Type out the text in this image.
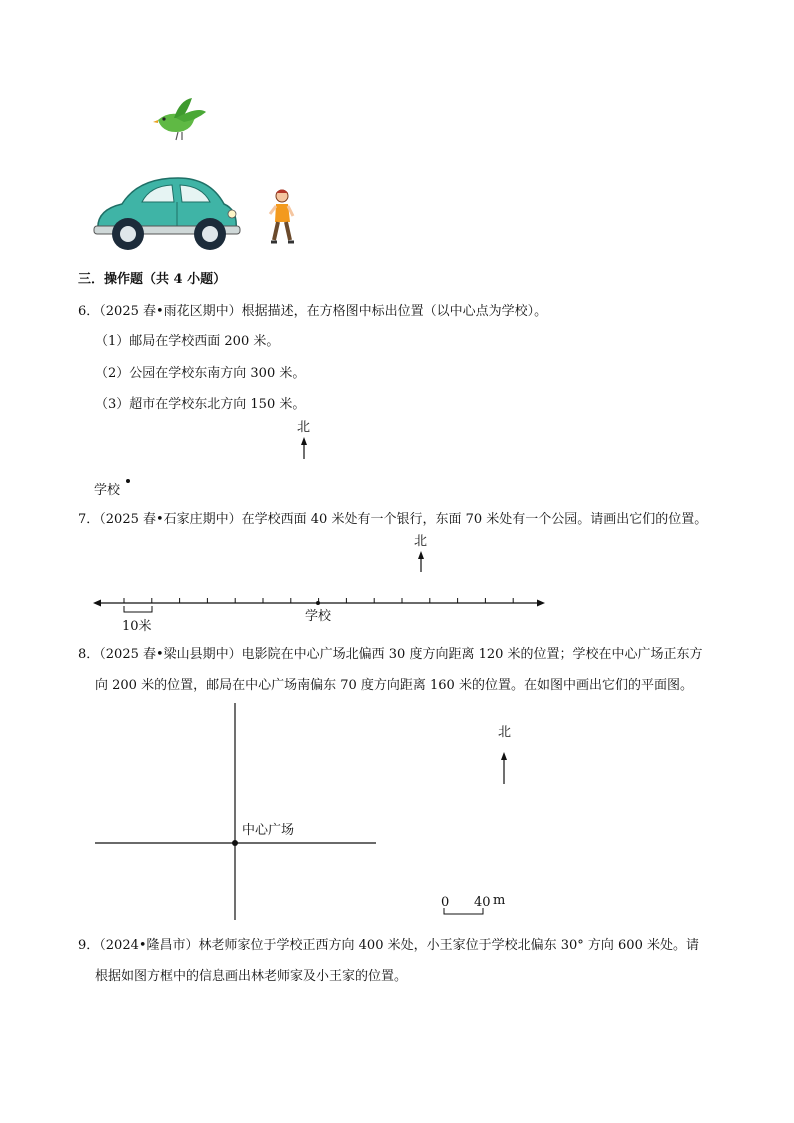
三．操作题（共 4 小题）
6．（2025 春•雨花区期中）根据描述，在方格图中标出位置（以中心点为学校）。
（1）邮局在学校西面 200 米。
（2）公园在学校东南方向 300 米。
（3）超市在学校东北方向 150 米。
北
学校
7．（2025 春•石家庄期中）在学校西面 40 米处有一个银行，东面 70 米处有一个公园。请画出它们的位置。
北
学校
10米
8．（2025 春•梁山县期中）电影院在中心广场北偏西 30 度方向距离 120 米的位置；学校在中心广场正东方
向 200 米的位置，邮局在中心广场南偏东 70 度方向距离 160 米的位置。在如图中画出它们的平面图。
中心广场
北
0 40 m
9．（2024•隆昌市）林老师家位于学校正西方向 400 米处，小王家位于学校北偏东 30° 方向 600 米处。请
根据如图方框中的信息画出林老师家及小王家的位置。
